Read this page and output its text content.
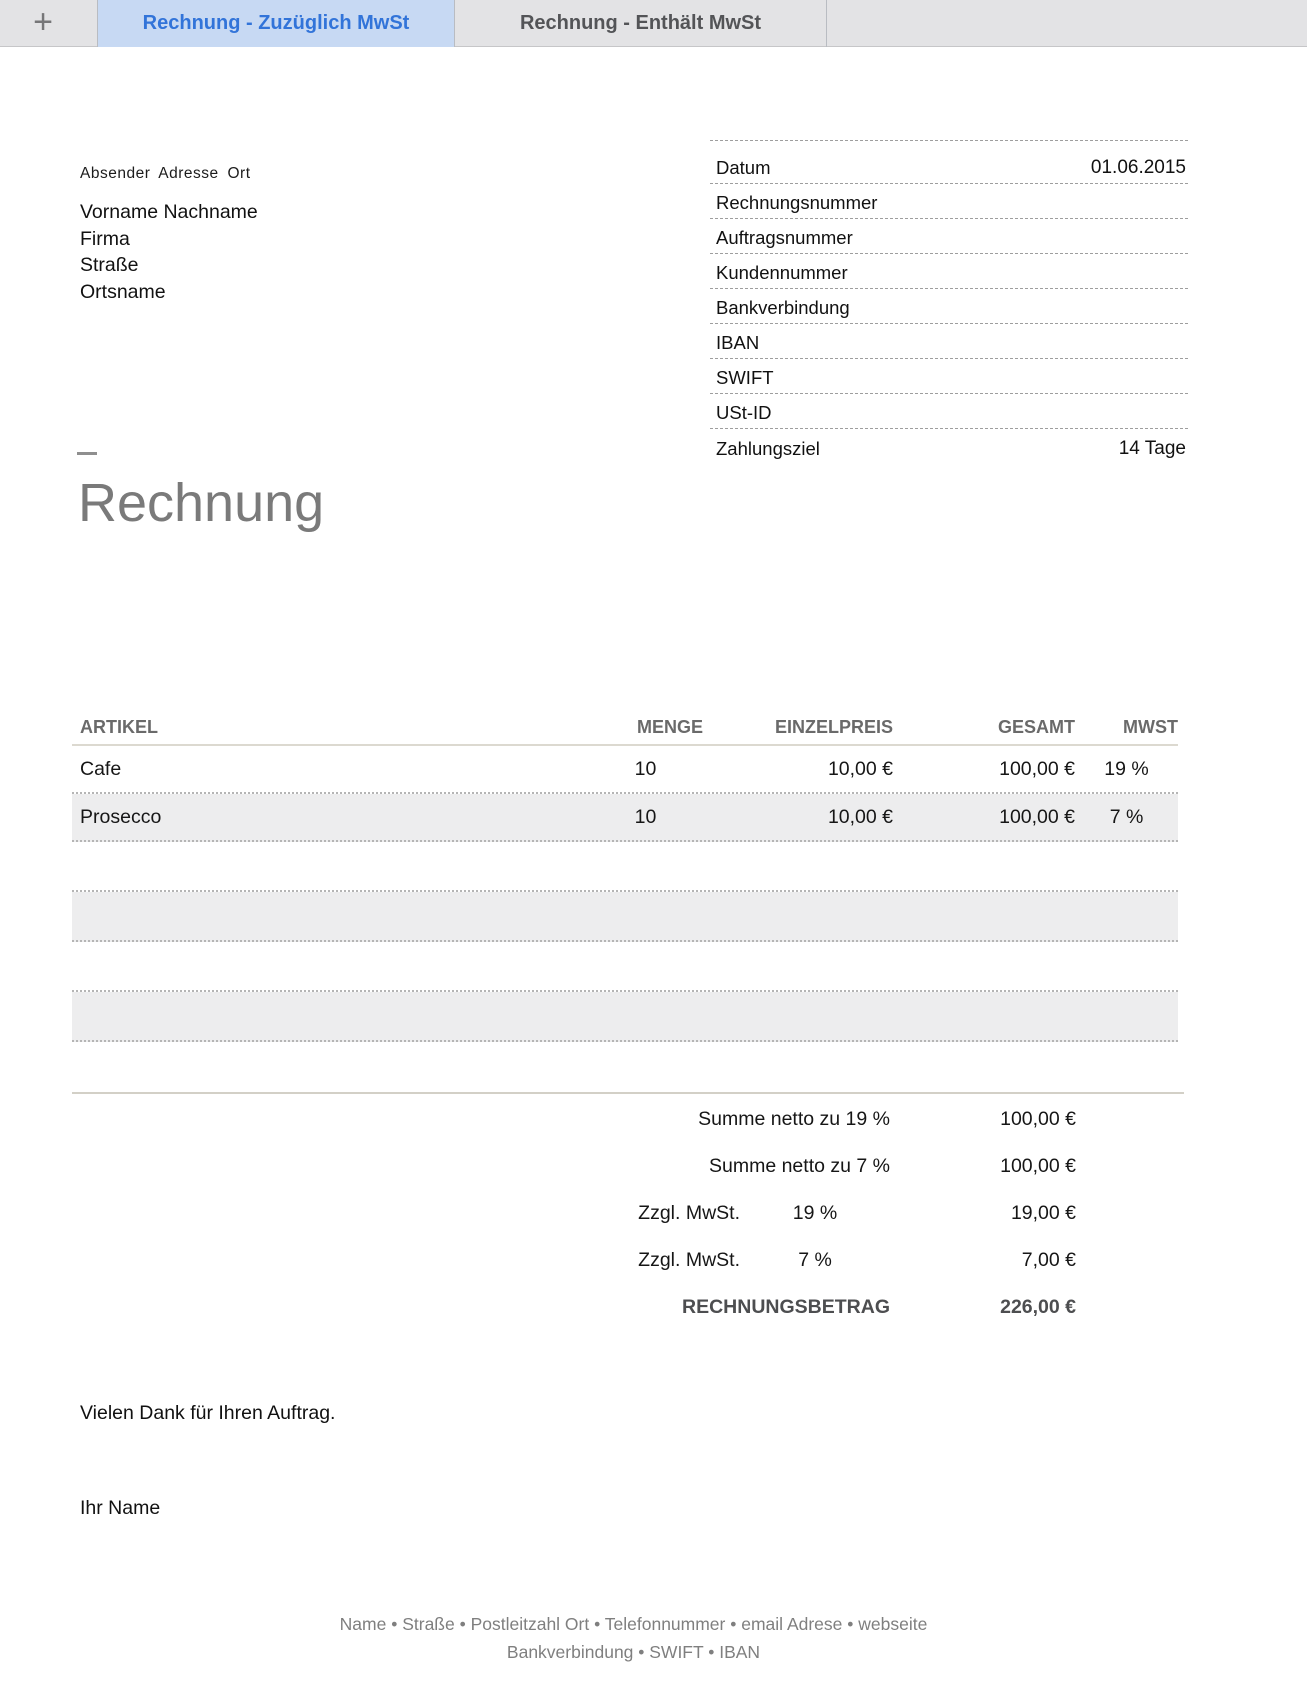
+	Rechnung - Zuzüglich MwSt	Rechnung - Enthält MwSt
Absender Adresse Ort
Vorname Nachname
Firma
Straße
Ortsname
Datum	01.06.2015
Rechnungsnummer
Auftragsnummer
Kundennummer
Bankverbindung
IBAN
SWIFT
USt-ID
Zahlungsziel	14 Tage
Rechnung
ARTIKEL	MENGE	EINZELPREIS	GESAMT	MWST
Cafe	10	10,00 €	100,00 €	19 %
Prosecco	10	10,00 €	100,00 €	7 %
Summe netto zu 19 %	100,00 €
Summe netto zu 7 %	100,00 €
Zzgl. MwSt.	19 %	19,00 €
Zzgl. MwSt.	7 %	7,00 €
RECHNUNGSBETRAG	226,00 €
Vielen Dank für Ihren Auftrag.
Ihr Name
Name • Straße • Postleitzahl Ort • Telefonnummer • email Adrese • webseite
Bankverbindung • SWIFT • IBAN
